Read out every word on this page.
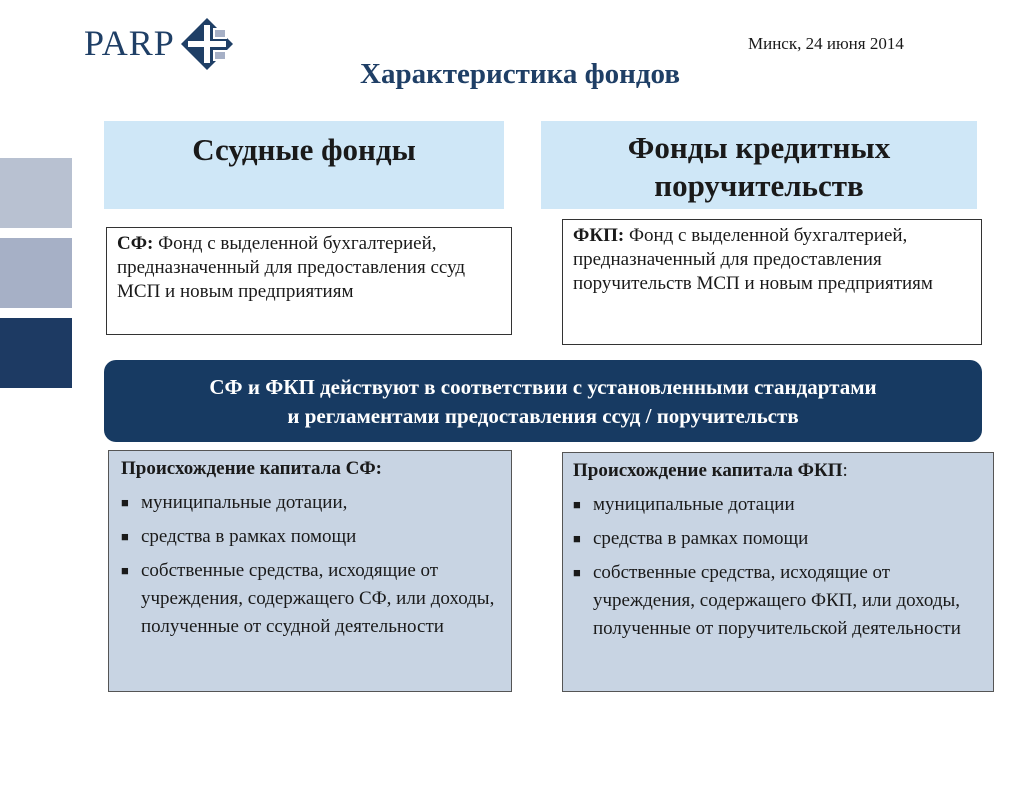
PARP	Минск, 24 июня 2014
Характеристика фондов
Ссудные фонды	Фонды кредитных
поручительств
СФ: Фонд с выделенной бухгалтерией, предназначенный для предоставления ссуд МСП и новым предприятиям
ФКП: Фонд с выделенной бухгалтерией, предназначенный для предоставления поручительств МСП и новым предприятиям
СФ и ФКП действуют в соответствии с установленными стандартами
и регламентами предоставления ссуд / поручительств
Происхождение капитала СФ:
■ муниципальные дотации,
■ средства в рамках помощи
■ собственные средства, исходящие от учреждения, содержащего СФ, или доходы, полученные от ссудной деятельности
Происхождение капитала ФКП:
■ муниципальные дотации
■ средства в рамках помощи
■ собственные средства, исходящие от учреждения, содержащего ФКП, или доходы, полученные от поручительской деятельности
